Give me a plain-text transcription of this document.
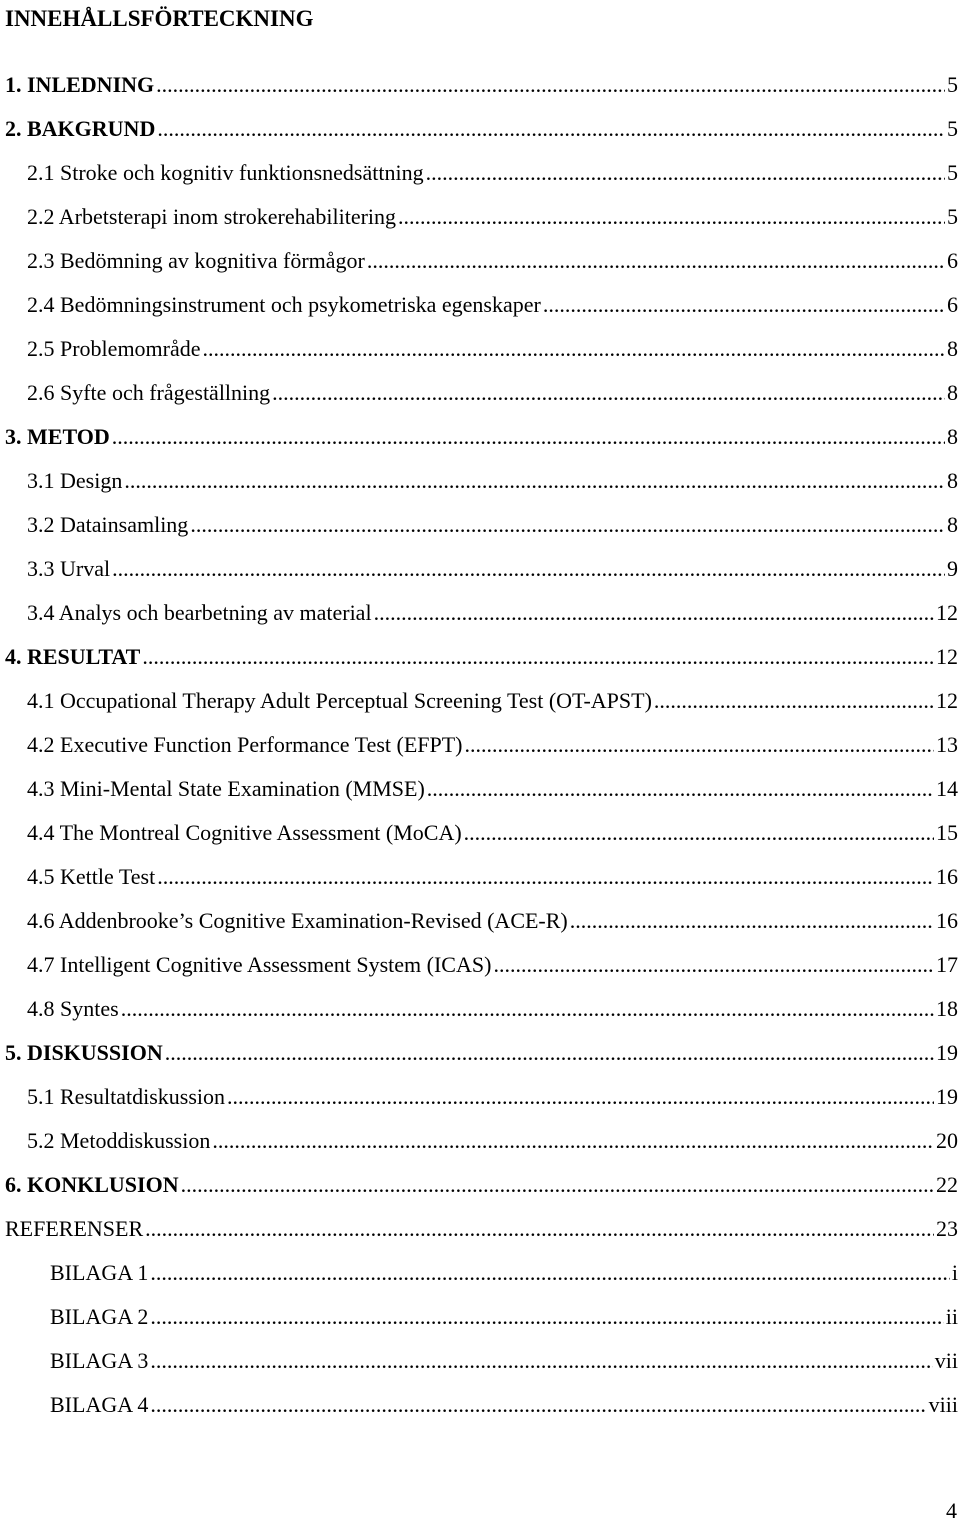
INNEHÅLLSFÖRTECKNING
1. INLEDNING .....	5
2. BAKGRUND .....	5
2.1 Stroke och kognitiv funktionsnedsättning .....	5
2.2 Arbetsterapi inom strokerehabilitering .....	5
2.3 Bedömning av kognitiva förmågor .....	6
2.4 Bedömningsinstrument och psykometriska egenskaper .....	6
2.5 Problemområde .....	8
2.6 Syfte och frågeställning .....	8
3. METOD .....	8
3.1 Design .....	8
3.2 Datainsamling .....	8
3.3 Urval .....	9
3.4 Analys och bearbetning av material .....	12
4. RESULTAT .....	12
4.1 Occupational Therapy Adult Perceptual Screening Test (OT-APST) .....	12
4.2 Executive Function Performance Test (EFPT) .....	13
4.3 Mini-Mental State Examination (MMSE) .....	14
4.4 The Montreal Cognitive Assessment (MoCA) .....	15
4.5 Kettle Test .....	16
4.6 Addenbrooke’s Cognitive Examination-Revised (ACE-R) .....	16
4.7 Intelligent Cognitive Assessment System (ICAS) .....	17
4.8 Syntes .....	18
5. DISKUSSION .....	19
5.1 Resultatdiskussion .....	19
5.2 Metoddiskussion .....	20
6. KONKLUSION .....	22
REFERENSER .....	23
BILAGA 1 .....	i
BILAGA 2 .....	ii
BILAGA 3 .....	vii
BILAGA 4 .....	viii
4
